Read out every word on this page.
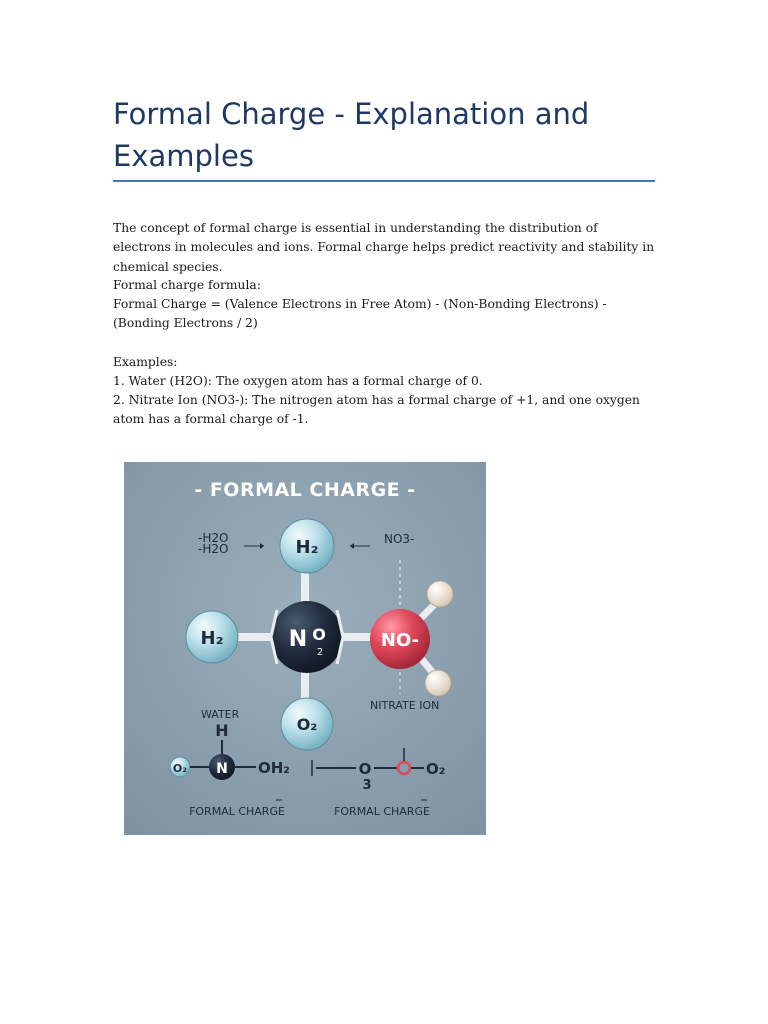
Formal Charge - Explanation and Examples

The concept of formal charge is essential in understanding the distribution of electrons in molecules and ions. Formal charge helps predict reactivity and stability in chemical species.

Formal charge formula:

Formal Charge = (Valence Electrons in Free Atom) - (Non-Bonding Electrons) - (Bonding Electrons / 2)

Examples:

1. Water (H2O): The oxygen atom has a formal charge of 0.

2. Nitrate Ion (NO3-): The nitrogen atom has a formal charge of +1, and one oxygen atom has a formal charge of -1.

- FORMAL CHARGE -
-H2O
-H2O
NO3-
H₂
H₂	N O
2
NO-
O₂
WATER
NITRATE ION
H
O₂ N OH₂	O
3
O₂
FORMAL CHARGE	FORMAL CHARGE
